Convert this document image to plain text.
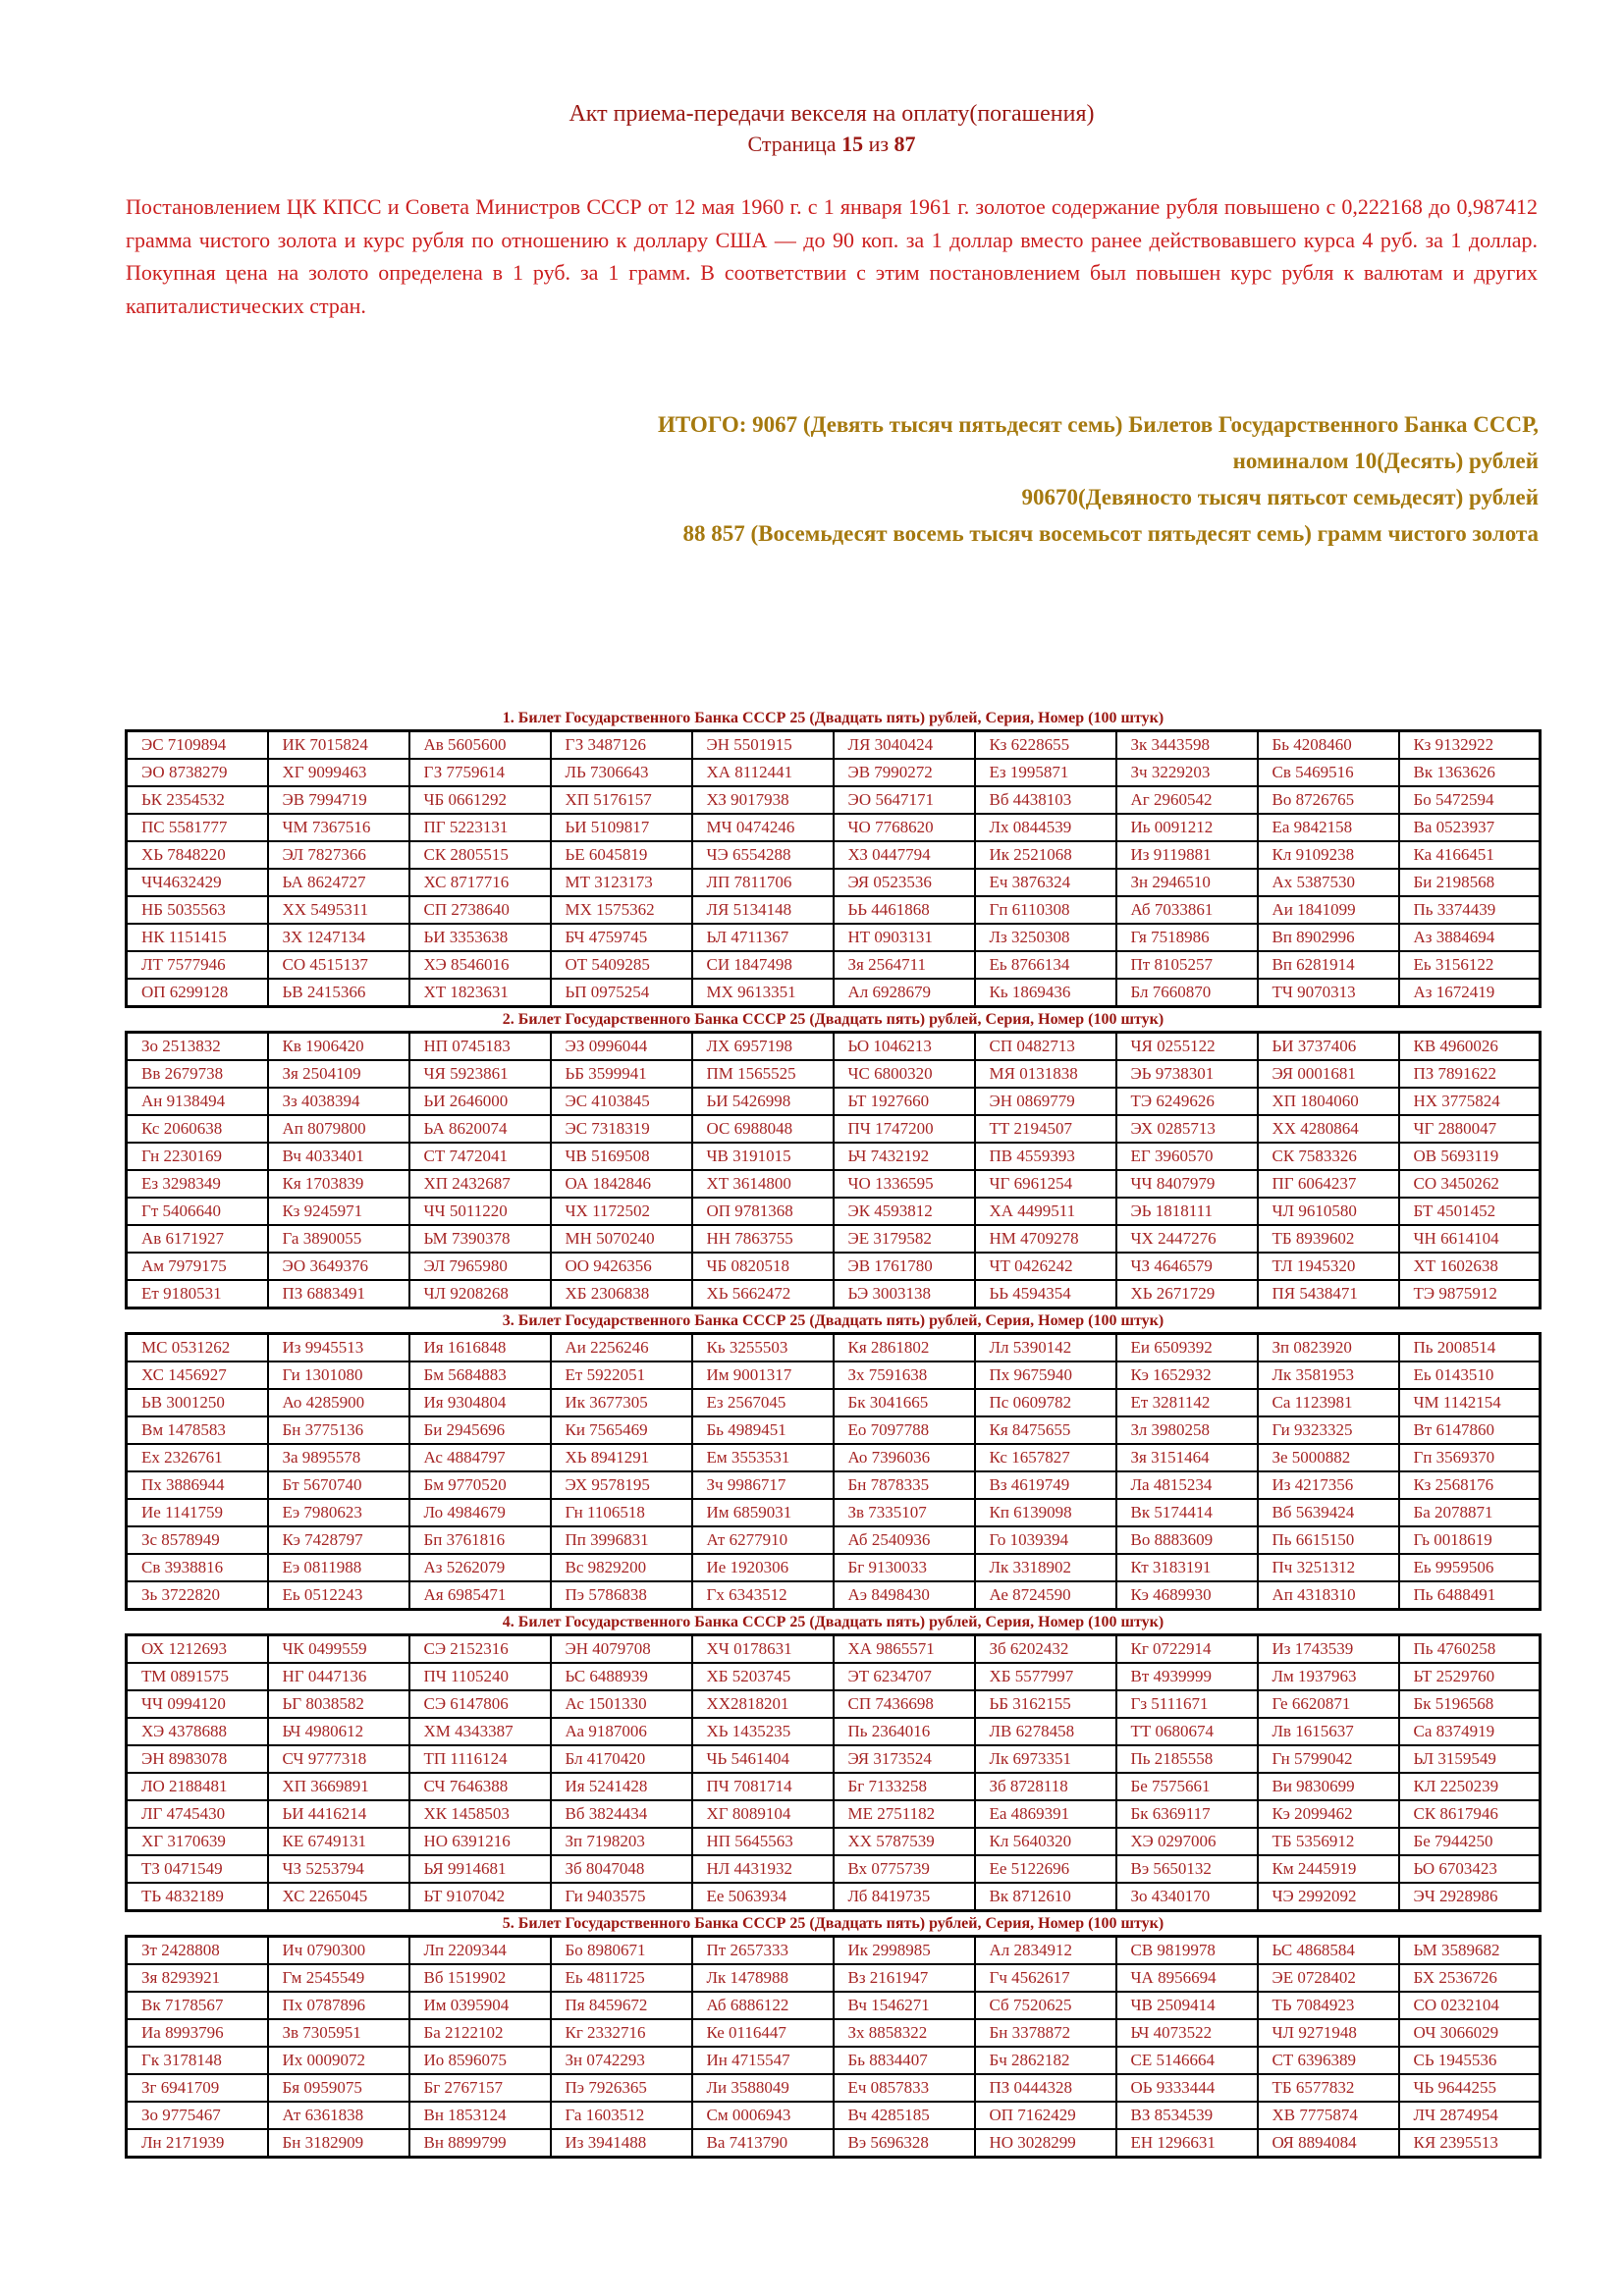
Акт приема-передачи векселя на оплату(погашения)
Страница 15 из 87

Постановлением ЦК КПСС и Совета Министров СССР от 12 мая 1960 г. с 1 января 1961 г. золотое содержание рубля повышено с 0,222168 до 0,987412 грамма чистого золота и курс рубля по отношению к доллару США — до 90 коп. за 1 доллар вместо ранее действовавшего курса 4 руб. за 1 доллар. Покупная цена на золото определена в 1 руб. за 1 грамм. В соответствии с этим постановлением был повышен курс рубля к валютам и других капиталистических стран.

ИТОГО: 9067 (Девять тысяч пятьдесят семь) Билетов Государственного Банка СССР,
номиналом 10(Десять) рублей
90670(Девяносто тысяч пятьсот семьдесят) рублей
88 857 (Восемьдесят восемь тысяч восемьсот пятьдесят семь) грамм чистого золота
1. Билет Государственного Банка СССР 25 (Двадцать пять) рублей, Серия, Номер (100 штук)
ЭС 7109894	ИК 7015824	Ав 5605600	ГЗ 3487126	ЭН 5501915	ЛЯ 3040424	Кз 6228655	Зк 3443598	Бь 4208460	Кз 9132922
ЭО 8738279	ХГ 9099463	ГЗ 7759614	ЛЬ 7306643	ХА 8112441	ЭВ 7990272	Ез 1995871	Зч 3229203	Св 5469516	Вк 1363626
ЬК 2354532	ЭВ 7994719	ЧБ 0661292	ХП 5176157	ХЗ 9017938	ЭО 5647171	Вб 4438103	Аг 2960542	Во 8726765	Бо 5472594
ПС 5581777	ЧМ 7367516	ПГ 5223131	ЬИ 5109817	МЧ 0474246	ЧО 7768620	Лх 0844539	Иь 0091212	Еа 9842158	Ва 0523937
ХЬ 7848220	ЭЛ 7827366	СК 2805515	ЬЕ 6045819	ЧЭ 6554288	ХЗ 0447794	Ик 2521068	Из 9119881	Кл 9109238	Ка 4166451
ЧЧ4632429	ЬА 8624727	ХС 8717716	МТ 3123173	ЛП 7811706	ЭЯ 0523536	Еч 3876324	Зн 2946510	Ах 5387530	Би 2198568
НБ 5035563	ХХ 5495311	СП 2738640	МХ 1575362	ЛЯ 5134148	ЬЬ 4461868	Гп 6110308	Аб 7033861	Аи 1841099	Пь 3374439
НК 1151415	ЗХ 1247134	ЬИ 3353638	БЧ 4759745	ЬЛ 4711367	НТ 0903131	Лз 3250308	Гя 7518986	Вп 8902996	Аз 3884694
ЛТ 7577946	СО 4515137	ХЭ 8546016	ОТ 5409285	СИ 1847498	Зя 2564711	Еь 8766134	Пт 8105257	Вп 6281914	Еь 3156122
ОП 6299128	ЬВ 2415366	ХТ 1823631	ЬП 0975254	МХ 9613351	Ал 6928679	Кь 1869436	Бл 7660870	ТЧ 9070313	Аз 1672419
2. Билет Государственного Банка СССР 25 (Двадцать пять) рублей, Серия, Номер (100 штук)
Зо 2513832	Кв 1906420	НП 0745183	ЭЗ 0996044	ЛХ 6957198	ЬО 1046213	СП 0482713	ЧЯ 0255122	ЬИ 3737406	КВ 4960026
Вв 2679738	Зя 2504109	ЧЯ 5923861	ЬБ 3599941	ПМ 1565525	ЧС 6800320	МЯ 0131838	ЭЬ 9738301	ЭЯ 0001681	ПЗ 7891622
Ан 9138494	Зз 4038394	ЬИ 2646000	ЭС 4103845	ЬИ 5426998	ЬТ 1927660	ЭН 0869779	ТЭ 6249626	ХП 1804060	НХ 3775824
Кс 2060638	Ап 8079800	ЬА 8620074	ЭС 7318319	ОС 6988048	ПЧ 1747200	ТТ 2194507	ЭХ 0285713	ХХ 4280864	ЧГ 2880047
Гн 2230169	Вч 4033401	СТ 7472041	ЧВ 5169508	ЧВ 3191015	ЬЧ 7432192	ПВ 4559393	ЕГ 3960570	СК 7583326	ОВ 5693119
Ез 3298349	Кя 1703839	ХП 2432687	ОА 1842846	ХТ 3614800	ЧО 1336595	ЧГ 6961254	ЧЧ 8407979	ПГ 6064237	СО 3450262
Гт 5406640	Кз 9245971	ЧЧ 5011220	ЧХ 1172502	ОП 9781368	ЭК 4593812	ХА 4499511	ЭЬ 1818111	ЧЛ 9610580	БТ 4501452
Ав 6171927	Га 3890055	ЬМ 7390378	МН 5070240	НН 7863755	ЭЕ 3179582	НМ 4709278	ЧХ 2447276	ТБ 8939602	ЧН 6614104
Ам 7979175	ЭО 3649376	ЭЛ 7965980	ОО 9426356	ЧБ 0820518	ЭВ 1761780	ЧТ 0426242	ЧЗ 4646579	ТЛ 1945320	ХТ 1602638
Ет 9180531	ПЗ 6883491	ЧЛ 9208268	ХБ 2306838	ХЬ 5662472	ЬЭ 3003138	ЬЬ 4594354	ХЬ 2671729	ПЯ 5438471	ТЭ 9875912
3. Билет Государственного Банка СССР 25 (Двадцать пять) рублей, Серия, Номер (100 штук)
МС 0531262	Из 9945513	Ия 1616848	Аи 2256246	Кь 3255503	Кя 2861802	Лл 5390142	Еи 6509392	Зп 0823920	Пь 2008514
ХС 1456927	Ги 1301080	Бм 5684883	Ет 5922051	Им 9001317	Зх 7591638	Пх 9675940	Кэ 1652932	Лк 3581953	Еь 0143510
ЬВ 3001250	Ао 4285900	Ия 9304804	Ик 3677305	Ез 2567045	Бк 3041665	Пс 0609782	Ет 3281142	Са 1123981	ЧМ 1142154
Вм 1478583	Бн 3775136	Би 2945696	Ки 7565469	Бь 4989451	Ео 7097788	Кя 8475655	Зл 3980258	Ги 9323325	Вт 6147860
Ех 2326761	За 9895578	Ас 4884797	ХЬ 8941291	Ем 3553531	Ао 7396036	Кс 1657827	Зя 3151464	Зе 5000882	Гп 3569370
Пх 3886944	Бт 5670740	Бм 9770520	ЭХ 9578195	Зч 9986717	Бн 7878335	Вз 4619749	Ла 4815234	Из 4217356	Кз 2568176
Ие 1141759	Еэ 7980623	Ло 4984679	Гн 1106518	Им 6859031	Зв 7335107	Кп 6139098	Вк 5174414	Вб 5639424	Ба 2078871
Зс 8578949	Кэ 7428797	Бп 3761816	Пп 3996831	Ат 6277910	Аб 2540936	Го 1039394	Во 8883609	Пь 6615150	Гь 0018619
Св 3938816	Еэ 0811988	Аз 5262079	Вс 9829200	Ие 1920306	Бг 9130033	Лк 3318902	Кт 3183191	Пч 3251312	Еь 9959506
Зь 3722820	Еь 0512243	Ая 6985471	Пэ 5786838	Гх 6343512	Аэ 8498430	Ае 8724590	Кэ 4689930	Ап 4318310	Пь 6488491
4. Билет Государственного Банка СССР 25 (Двадцать пять) рублей, Серия, Номер (100 штук)
ОХ 1212693	ЧК 0499559	СЭ 2152316	ЭН 4079708	ХЧ 0178631	ХА 9865571	Зб 6202432	Кг 0722914	Из 1743539	Пь 4760258
ТМ 0891575	НГ 0447136	ПЧ 1105240	ЬС 6488939	ХБ 5203745	ЭТ 6234707	ХБ 5577997	Вт 4939999	Лм 1937963	ЬТ 2529760
ЧЧ 0994120	ЬГ 8038582	СЭ 6147806	Ас 1501330	ХХ2818201	СП 7436698	ЬБ 3162155	Гз 5111671	Ге 6620871	Бк 5196568
ХЭ 4378688	ЬЧ 4980612	ХМ 4343387	Аа 9187006	ХЬ 1435235	Пь 2364016	ЛВ 6278458	ТТ 0680674	Лв 1615637	Са 8374919
ЭН 8983078	СЧ 9777318	ТП 1116124	Бл 4170420	ЧЬ 5461404	ЭЯ 3173524	Лк 6973351	Пь 2185558	Гн 5799042	ЬЛ 3159549
ЛО 2188481	ХП 3669891	СЧ 7646388	Ия 5241428	ПЧ 7081714	Бг 7133258	Зб 8728118	Бе 7575661	Ви 9830699	КЛ 2250239
ЛГ 4745430	ЬИ 4416214	ХК 1458503	Вб 3824434	ХГ 8089104	МЕ 2751182	Еа 4869391	Бк 6369117	Кэ 2099462	СК 8617946
ХГ 3170639	КЕ 6749131	НО 6391216	Зп 7198203	НП 5645563	ХХ 5787539	Кл 5640320	ХЭ 0297006	ТБ 5356912	Бе 7944250
ТЗ 0471549	ЧЗ 5253794	ЬЯ 9914681	Зб 8047048	НЛ 4431932	Вх 0775739	Ее 5122696	Вэ 5650132	Км 2445919	ЬО 6703423
ТЬ 4832189	ХС 2265045	ЬТ 9107042	Ги 9403575	Ее 5063934	Лб 8419735	Вк 8712610	Зо 4340170	ЧЭ 2992092	ЭЧ 2928986
5. Билет Государственного Банка СССР 25 (Двадцать пять) рублей, Серия, Номер (100 штук)
Зт 2428808	Ич 0790300	Лп 2209344	Бо 8980671	Пт 2657333	Ик 2998985	Ал 2834912	СВ 9819978	ЬС 4868584	ЬМ 3589682
Зя 8293921	Гм 2545549	Вб 1519902	Еь 4811725	Лк 1478988	Вз 2161947	Гч 4562617	ЧА 8956694	ЭЕ 0728402	БХ 2536726
Вк 7178567	Пх 0787896	Им 0395904	Пя 8459672	Аб 6886122	Вч 1546271	Сб 7520625	ЧВ 2509414	ТЬ 7084923	СО 0232104
Иа 8993796	Зв 7305951	Ба 2122102	Кг 2332716	Ке 0116447	Зх 8858322	Бн 3378872	ЬЧ 4073522	ЧЛ 9271948	ОЧ 3066029
Гк 3178148	Их 0009072	Ио 8596075	Зн 0742293	Ин 4715547	Бь 8834407	Бч 2862182	СЕ 5146664	СТ 6396389	СЬ 1945536
Зг 6941709	Бя 0959075	Бг 2767157	Пэ 7926365	Ли 3588049	Еч 0857833	ПЗ 0444328	ОЬ 9333444	ТБ 6577832	ЧЬ 9644255
Зо 9775467	Ат 6361838	Вн 1853124	Га 1603512	См 0006943	Вч 4285185	ОП 7162429	ВЗ 8534539	ХВ 7775874	ЛЧ 2874954
Лн 2171939	Бн 3182909	Вн 8899799	Из 3941488	Ва 7413790	Вэ 5696328	НО 3028299	ЕН 1296631	ОЯ 8894084	КЯ 2395513
